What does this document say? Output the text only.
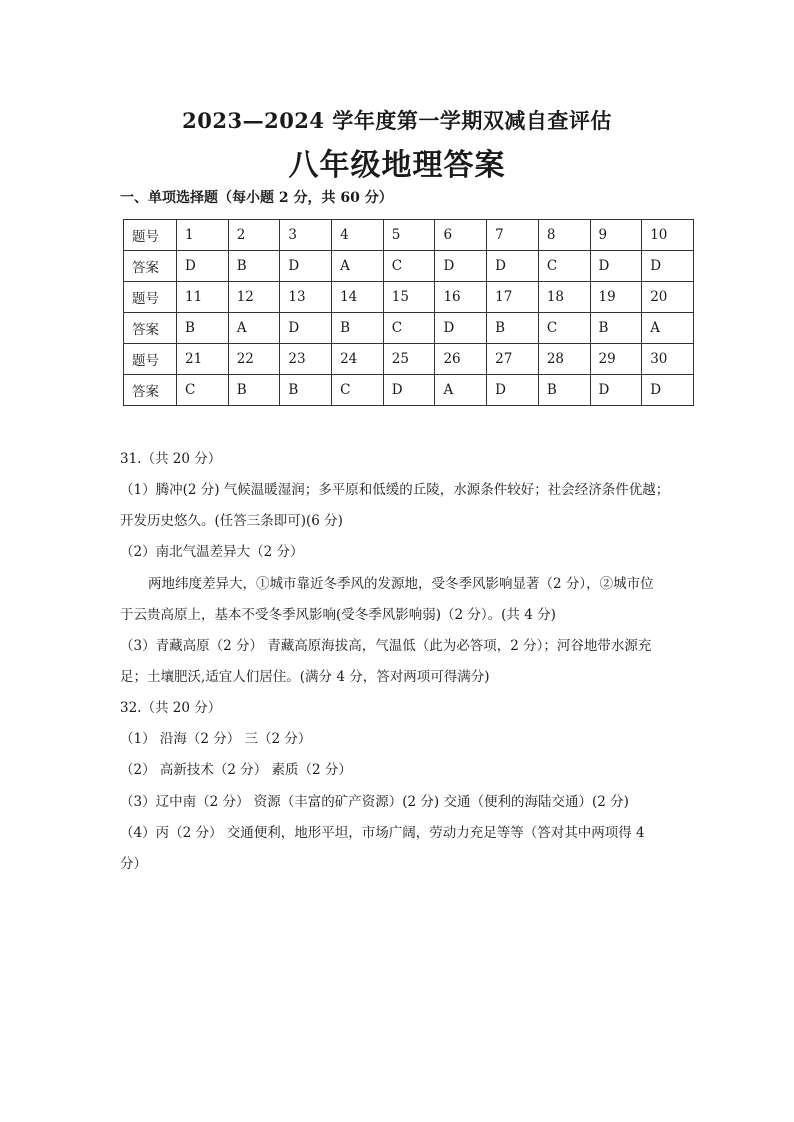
2023—2024 学年度第一学期双减自查评估
八年级地理答案
一、单项选择题（每小题 2 分，共 60 分）
题号	1	2	3	4	5	6	7	8	9	10
答案	D	B	D	A	C	D	D	C	D	D
题号	11	12	13	14	15	16	17	18	19	20
答案	B	A	D	B	C	D	B	C	B	A
题号	21	22	23	24	25	26	27	28	29	30
答案	C	B	B	C	D	A	D	B	D	D
31.（共 20 分）
（1）腾冲(2 分) 气候温暖湿润；多平原和低缓的丘陵，水源条件较好；社会经济条件优越；
开发历史悠久。(任答三条即可)(6 分)
（2）南北气温差异大（2 分）
两地纬度差异大，①城市靠近冬季风的发源地，受冬季风影响显著（2 分），②城市位
于云贵高原上，基本不受冬季风影响(受冬季风影响弱)（2 分）。(共 4 分)
（3）青藏高原（2 分） 青藏高原海拔高，气温低（此为必答项，2 分）；河谷地带水源充
足；土壤肥沃,适宜人们居住。(满分 4 分，答对两项可得满分)
32.（共 20 分）
（1） 沿海（2 分） 三（2 分）
（2） 高新技术（2 分） 素质（2 分）
（3）辽中南（2 分） 资源（丰富的矿产资源）(2 分) 交通（便利的海陆交通）(2 分)
（4）丙（2 分） 交通便利，地形平坦，市场广阔，劳动力充足等等（答对其中两项得 4
分）
